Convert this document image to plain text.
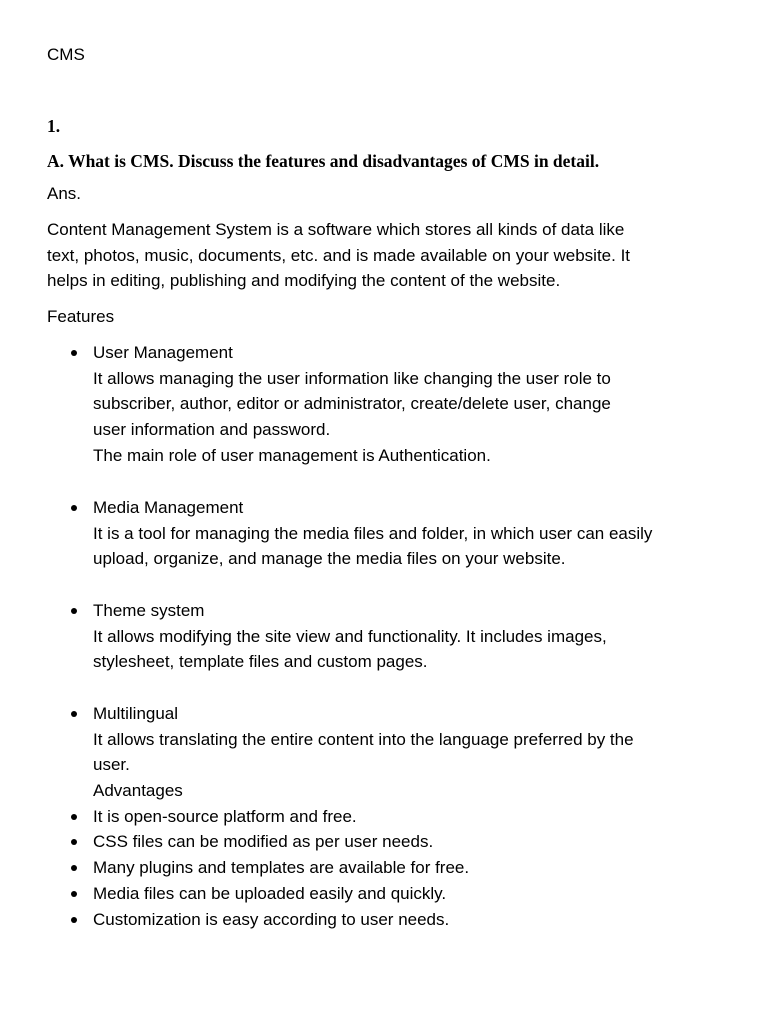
CMS
1.
A. What is CMS. Discuss the features and disadvantages of CMS in detail.
Ans.
Content Management System is a software which stores all kinds of data like
text, photos, music, documents, etc. and is made available on your website. It
helps in editing, publishing and modifying the content of the website.
Features
User Management
It allows managing the user information like changing the user role to
subscriber, author, editor or administrator, create/delete user, change
user information and password.
The main role of user management is Authentication.
Media Management
It is a tool for managing the media files and folder, in which user can easily
upload, organize, and manage the media files on your website.
Theme system
It allows modifying the site view and functionality. It includes images,
stylesheet, template files and custom pages.
Multilingual
It allows translating the entire content into the language preferred by the
user.
Advantages
It is open-source platform and free.
CSS files can be modified as per user needs.
Many plugins and templates are available for free.
Media files can be uploaded easily and quickly.
Customization is easy according to user needs.
